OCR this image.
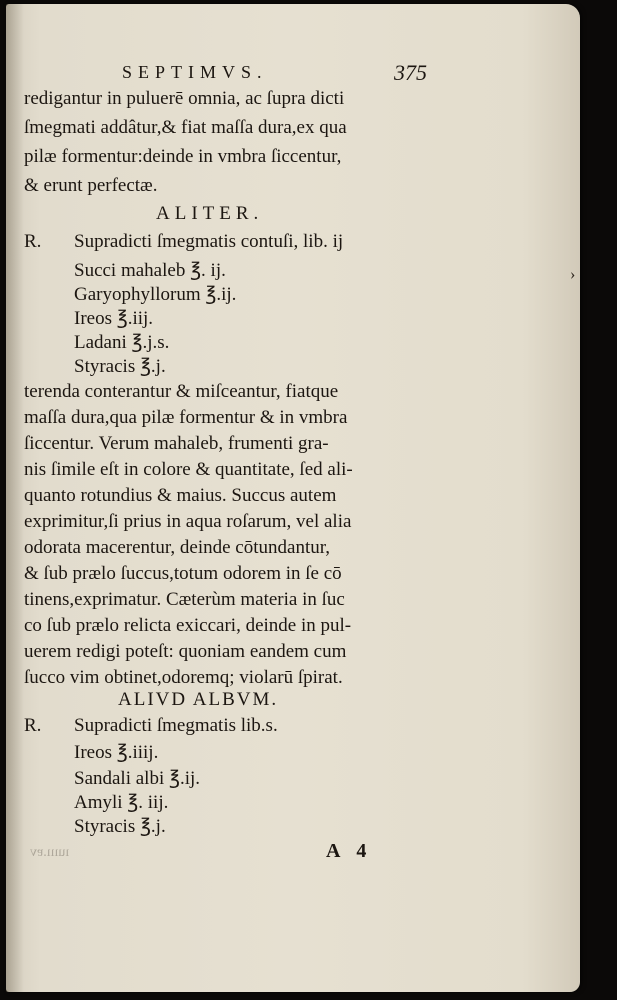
›
SEPTIMVS.	375
redigantur in puluerē omnia, ac ſupra dicti
ſmegmati addâtur,& fiat maſſa dura,ex qua
pilæ formentur:deinde in vmbra ſiccentur,
& erunt perfectæ.
ALITER.
R. Supradicti ſmegmatis contuſi, lib. ij
Succi mahaleb ℥. ij.
Garyophyllorum ℥.ij.
Ireos ℥.iij.
Ladani ℥.j.s.
Styracis ℥.j.
terenda conterantur & miſceantur, fiatque
maſſa dura,qua pilæ formentur & in vmbra
ſiccentur. Verum mahaleb, frumenti gra-
nis ſimile eſt in colore & quantitate, ſed ali-
quanto rotundius & maius. Succus autem
exprimitur,ſi prius in aqua roſarum, vel alia
odorata macerentur, deinde cōtundantur,
& ſub prælo ſuccus,totum odorem in ſe cō
tinens,exprimatur. Cæterùm materia in ſuc
co ſub prælo relicta exiccari, deinde in pul-
uerem redigi poteſt: quoniam eandem cum
ſucco vim obtinet,odoremq; violarū ſpirat.
ALIVD ALBVM.
R. Supradicti ſmegmatis lib.s.
Ireos ℥.iiij.
Sandali albi ℥.ij.
Amyli ℥. iij.
Styracis ℥.j.
ıuııı.ɐv	A 4
